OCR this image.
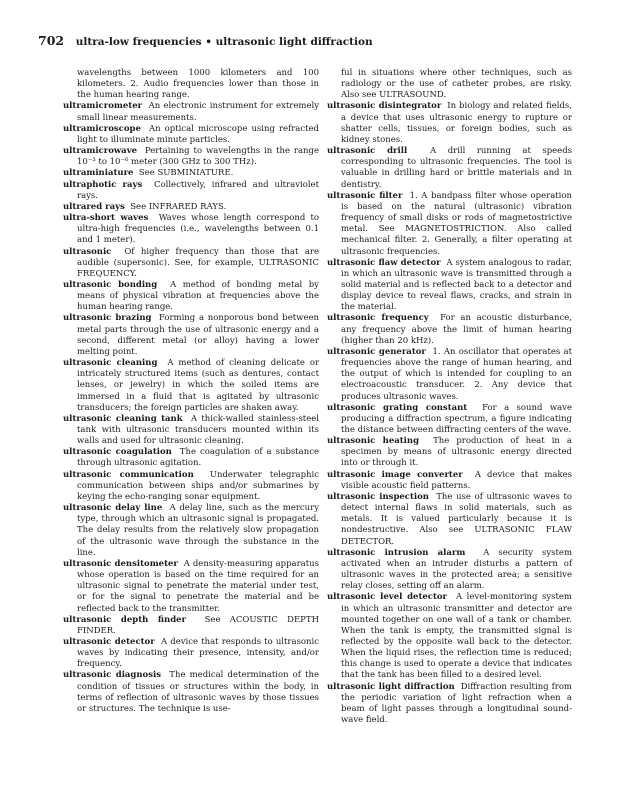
702 ultra-low frequencies • ultrasonic light diffraction

wavelengths between 1000 kilometers and 100 kilometers. 2. Audio frequencies lower than those in the human hearing range.

ultramicrometer An electronic instrument for extremely small linear measurements.

ultramicroscope An optical microscope using refracted light to illuminate minute particles.

ultramicrowave Pertaining to wavelengths in the range 10⁻³ to 10⁻⁶ meter (300 GHz to 300 THz).

ultraminiature See SUBMINIATURE.

ultraphotic rays Collectively, infrared and ultraviolet rays.

ultrared rays See INFRARED RAYS.

ultra-short waves Waves whose length correspond to ultra-high frequencies (i.e., wavelengths between 0.1 and 1 meter).

ultrasonic Of higher frequency than those that are audible (supersonic). See, for example, ULTRASONIC FREQUENCY.

ultrasonic bonding A method of bonding metal by means of physical vibration at frequencies above the human hearing range.

ultrasonic brazing Forming a nonporous bond between metal parts through the use of ultrasonic energy and a second, different metal (or alloy) having a lower melting point.

ultrasonic cleaning A method of cleaning delicate or intricately structured items (such as dentures, contact lenses, or jewelry) in which the soiled items are immersed in a fluid that is agitated by ultrasonic transducers; the foreign particles are shaken away.

ultrasonic cleaning tank A thick-walled stainless-steel tank with ultrasonic transducers mounted within its walls and used for ultrasonic cleaning.

ultrasonic coagulation The coagulation of a substance through ultrasonic agitation.

ultrasonic communication Underwater telegraphic communication between ships and/or submarines by keying the echo-ranging sonar equipment.

ultrasonic delay line A delay line, such as the mercury type, through which an ultrasonic signal is propagated. The delay results from the relatively slow propagation of the ultrasonic wave through the substance in the line.

ultrasonic densitometer A density-measuring apparatus whose operation is based on the time required for an ultrasonic signal to penetrate the material under test, or for the signal to penetrate the material and be reflected back to the transmitter.

ultrasonic depth finder See ACOUSTIC DEPTH FINDER.

ultrasonic detector A device that responds to ultrasonic waves by indicating their presence, intensity, and/or frequency.

ultrasonic diagnosis The medical determination of the condition of tissues or structures within the body, in terms of reflection of ultrasonic waves by those tissues or structures. The technique is use-

ful in situations where other techniques, such as radiology or the use of catheter probes, are risky. Also see ULTRASOUND.

ultrasonic disintegrator In biology and related fields, a device that uses ultrasonic energy to rupture or shatter cells, tissues, or foreign bodies, such as kidney stones.

ultrasonic drill	A drill running at speeds corresponding to ultrasonic frequencies. The tool is valuable in drilling hard or brittle materials and in dentistry.

ultrasonic filter 1. A bandpass filter whose operation is based on the natural (ultrasonic) vibration frequency of small disks or rods of magnetostrictive metal. See MAGNETOSTRICTION. Also called mechanical filter. 2. Generally, a filter operating at ultrasonic frequencies.

ultrasonic flaw detector A system analogous to radar, in which an ultrasonic wave is transmitted through a solid material and is reflected back to a detector and display device to reveal flaws, cracks, and strain in the material.

ultrasonic frequency For an acoustic disturbance, any frequency above the limit of human hearing (higher than 20 kHz).

ultrasonic generator 1. An oscillator that operates at frequencies above the range of human hearing, and the output of which is intended for coupling to an electroacoustic transducer. 2. Any device that produces ultrasonic waves.

ultrasonic grating constant For a sound wave producing a diffraction spectrum, a figure indicating the distance between diffracting centers of the wave.

ultrasonic heating The production of heat in a specimen by means of ultrasonic energy directed into or through it.

ultrasonic image converter A device that makes visible acoustic field patterns.

ultrasonic inspection The use of ultrasonic waves to detect internal flaws in solid materials, such as metals. It is valued particularly because it is nondestructive. Also see ULTRASONIC FLAW DETECTOR.

ultrasonic intrusion alarm A security system activated when an intruder disturbs a pattern of ultrasonic waves in the protected area; a sensitive relay closes, setting off an alarm.

ultrasonic level detector A level-monitoring system in which an ultrasonic transmitter and detector are mounted together on one wall of a tank or chamber. When the tank is empty, the transmitted signal is reflected by the opposite wall back to the detector. When the liquid rises, the reflection time is reduced; this change is used to operate a device that indicates that the tank has been filled to a desired level.

ultrasonic light diffraction Diffraction resulting from the periodic variation of light refraction when a beam of light passes through a longitudinal sound-wave field.
